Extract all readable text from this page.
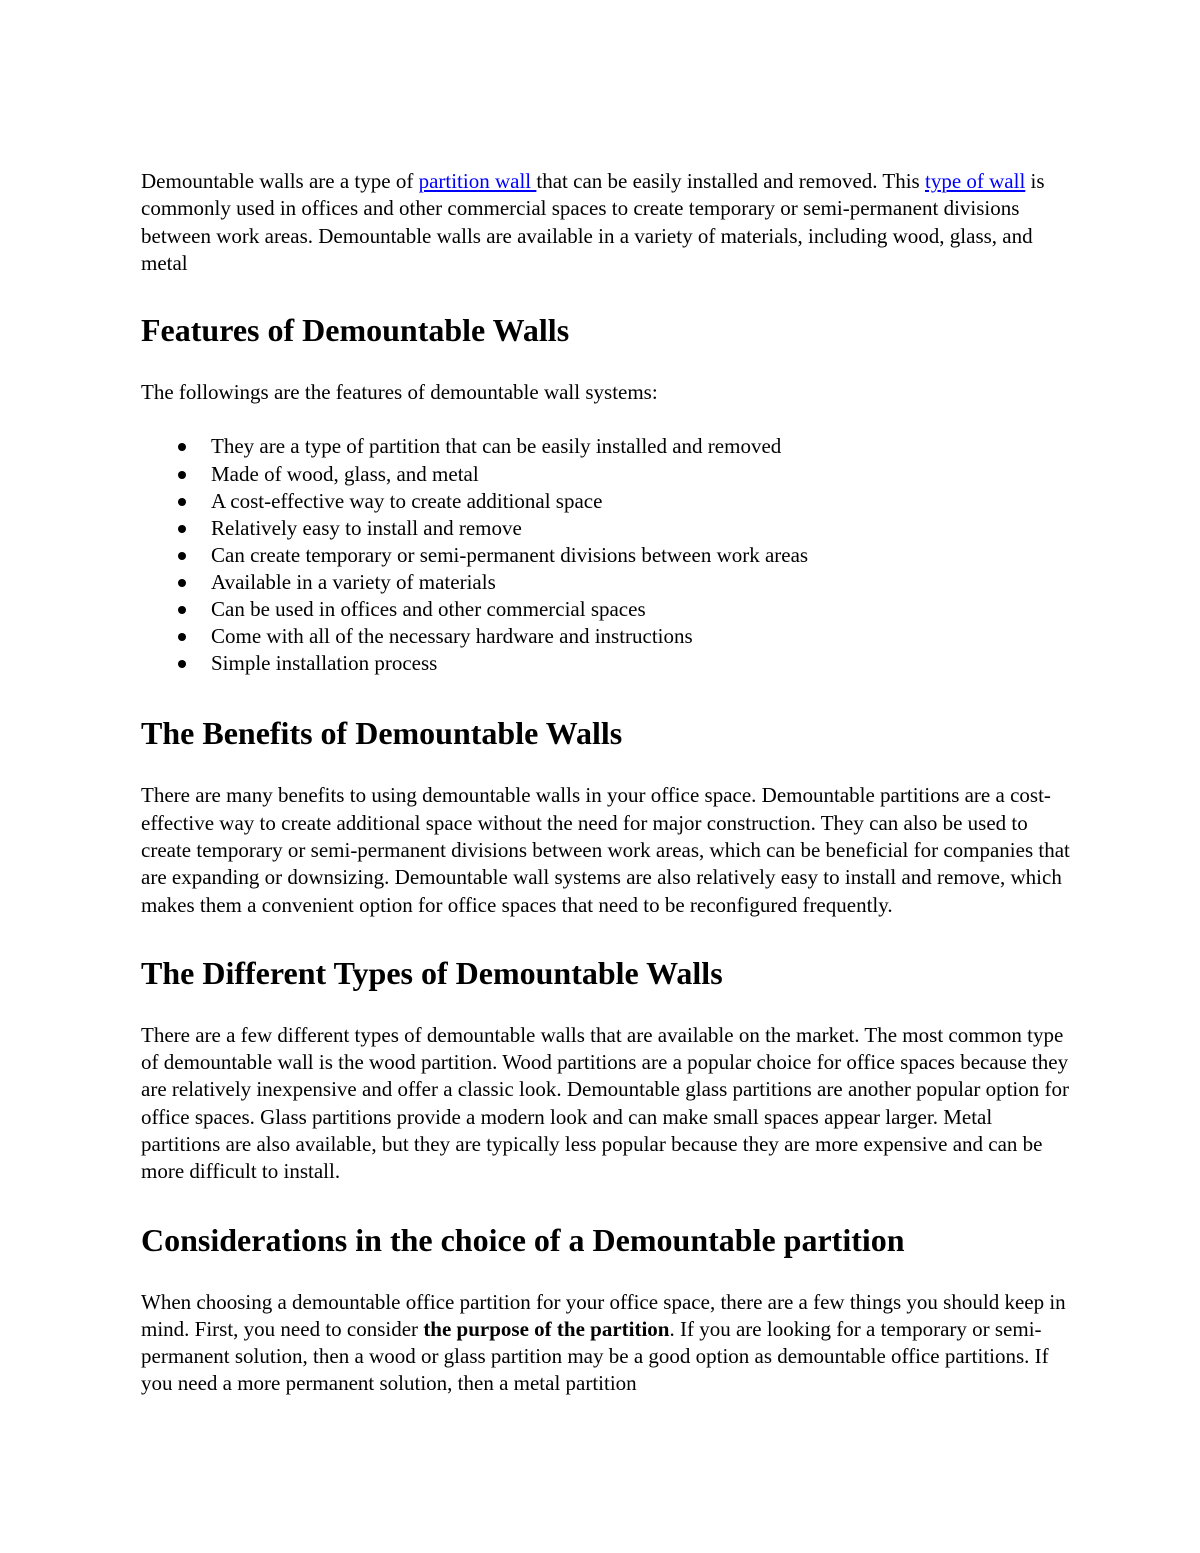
Demountable walls are a type of partition wall that can be easily installed and removed. This type of wall is commonly used in offices and other commercial spaces to create temporary or semi-permanent divisions between work areas. Demountable walls are available in a variety of materials, including wood, glass, and metal

Features of Demountable Walls

The followings are the features of demountable wall systems:

They are a type of partition that can be easily installed and removed
Made of wood, glass, and metal
A cost-effective way to create additional space
Relatively easy to install and remove
Can create temporary or semi-permanent divisions between work areas
Available in a variety of materials
Can be used in offices and other commercial spaces
Come with all of the necessary hardware and instructions
Simple installation process
The Benefits of Demountable Walls

There are many benefits to using demountable walls in your office space. Demountable partitions are a cost-effective way to create additional space without the need for major construction. They can also be used to create temporary or semi-permanent divisions between work areas, which can be beneficial for companies that are expanding or downsizing. Demountable wall systems are also relatively easy to install and remove, which makes them a convenient option for office spaces that need to be reconfigured frequently.

The Different Types of Demountable Walls

There are a few different types of demountable walls that are available on the market. The most common type of demountable wall is the wood partition. Wood partitions are a popular choice for office spaces because they are relatively inexpensive and offer a classic look. Demountable glass partitions are another popular option for office spaces. Glass partitions provide a modern look and can make small spaces appear larger. Metal partitions are also available, but they are typically less popular because they are more expensive and can be more difficult to install.

Considerations in the choice of a Demountable partition

When choosing a demountable office partition for your office space, there are a few things you should keep in mind. First, you need to consider the purpose of the partition. If you are looking for a temporary or semi-permanent solution, then a wood or glass partition may be a good option as demountable office partitions. If you need a more permanent solution, then a metal partition
